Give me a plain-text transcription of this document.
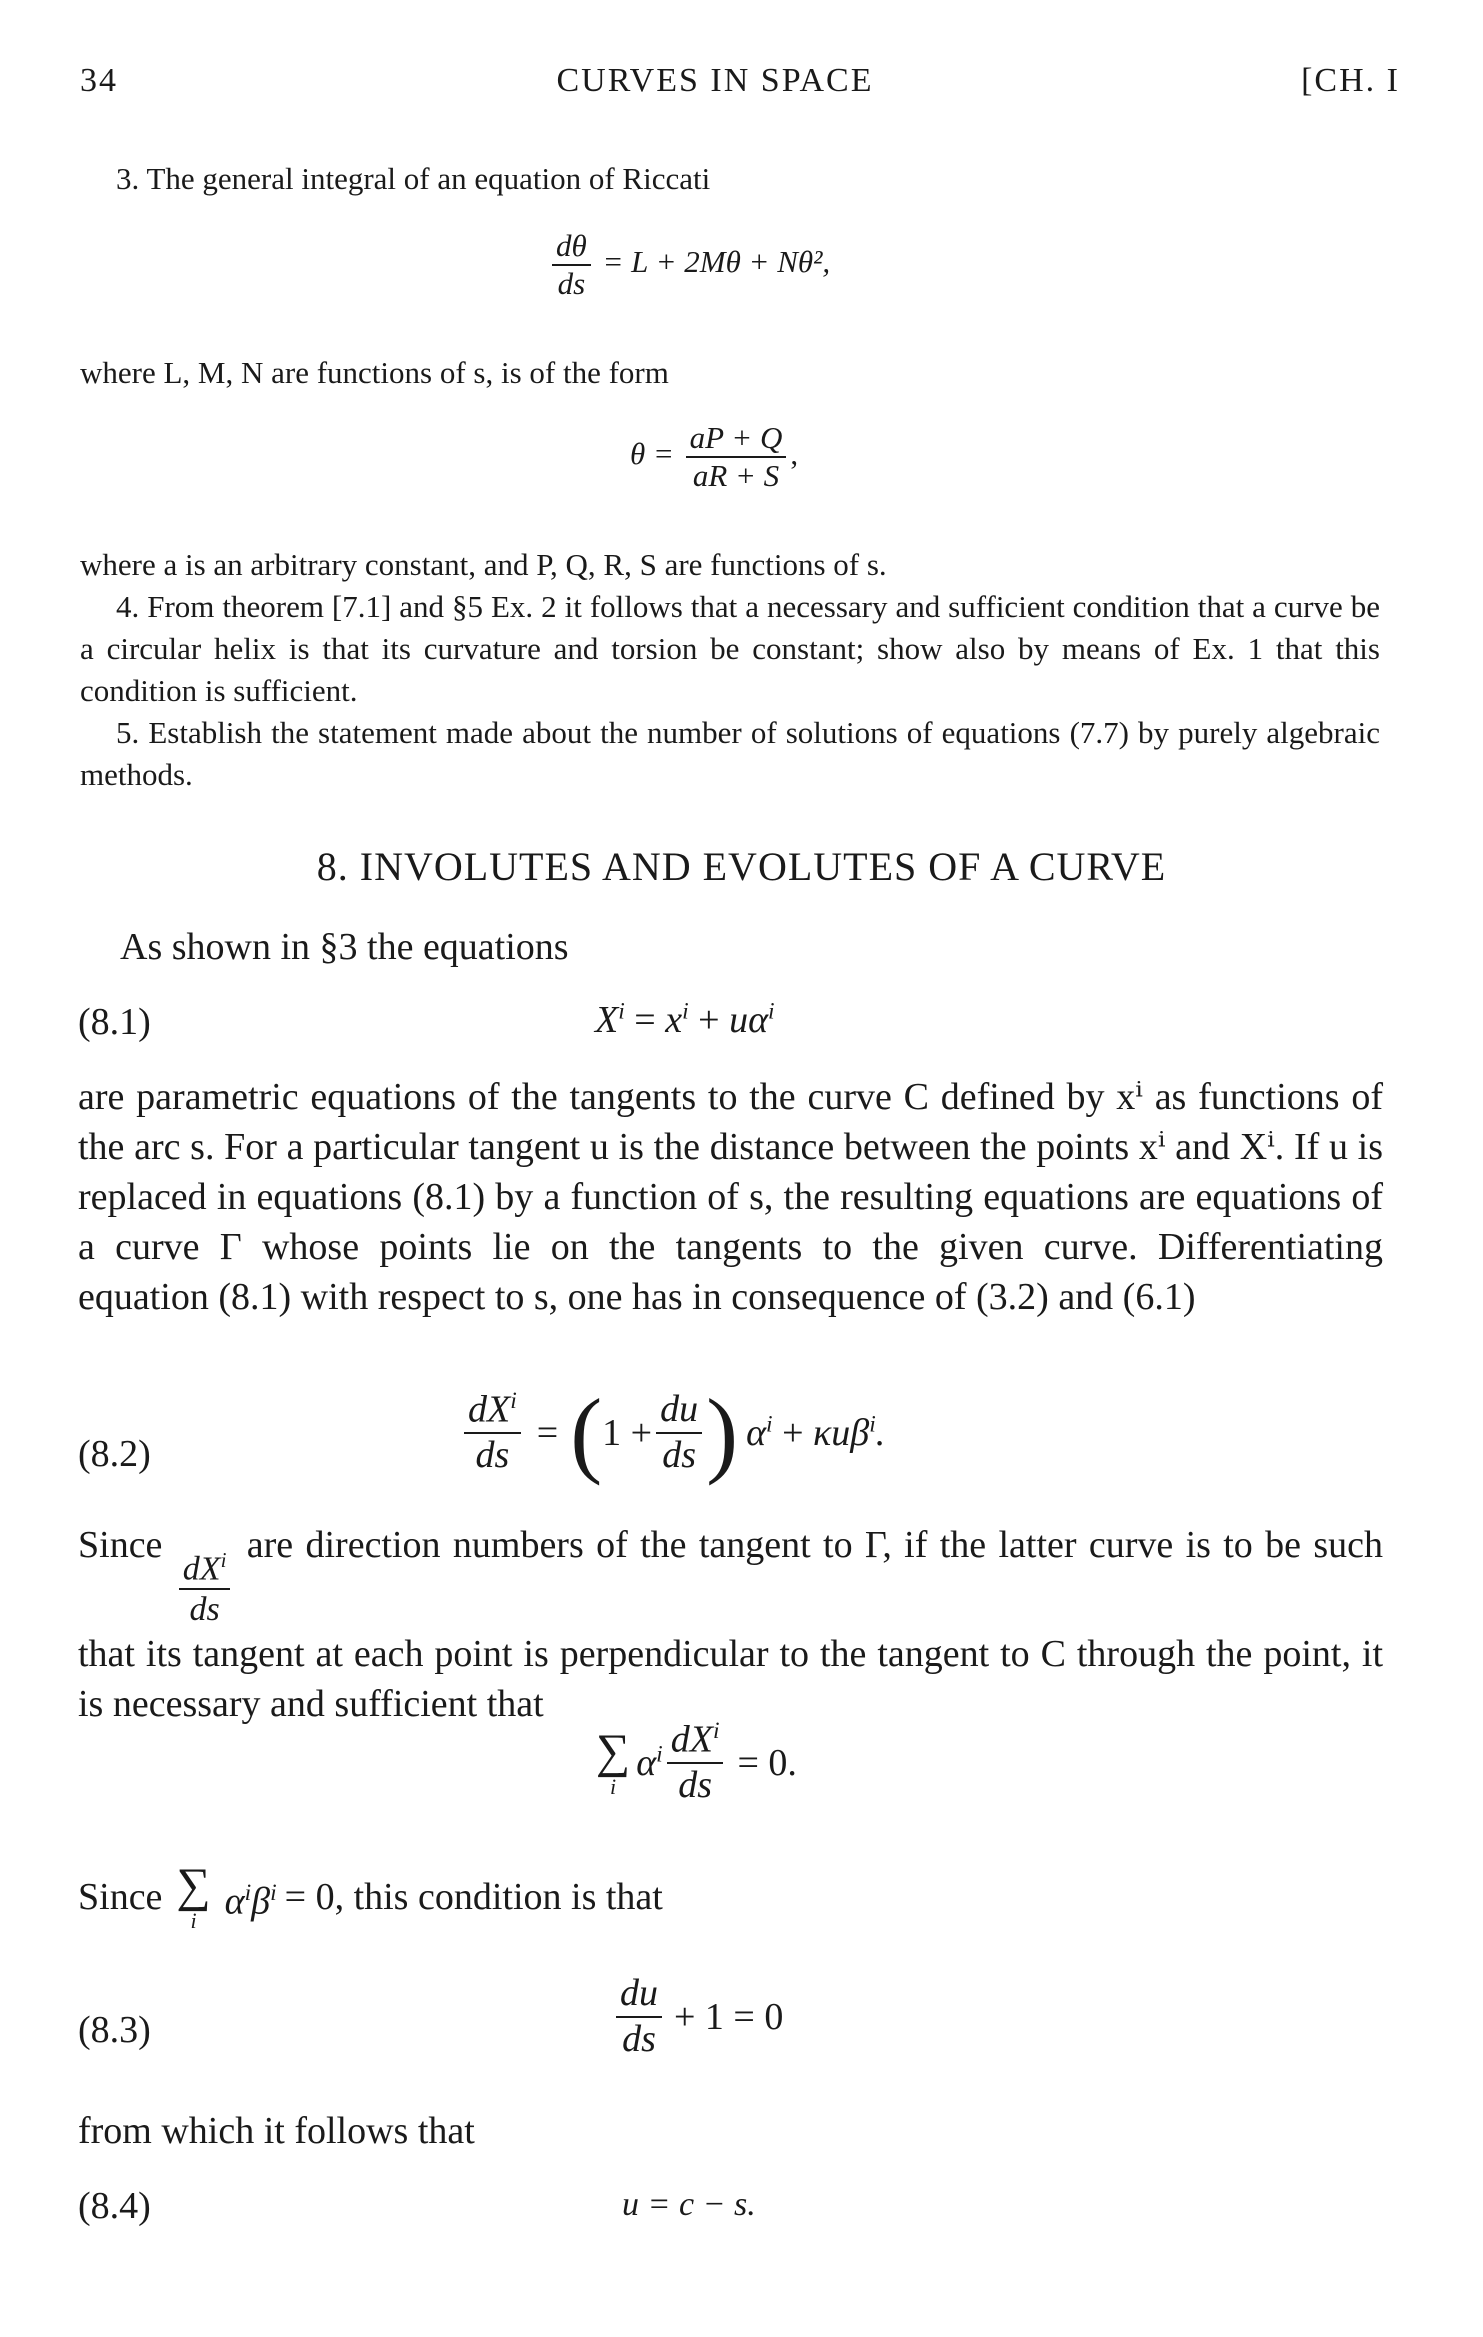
34	CURVES IN SPACE	[CH. I
3. The general integral of an equation of Riccati
$\frac{d\theta}{ds} = L + 2M\theta + N\theta^2$,
where L, M, N are functions of s, is of the form
$\theta = \frac{aP + Q}{aR + S}$ ,
where a is an arbitrary constant, and P, Q, R, S are functions of s.
4. From theorem [7.1] and §5 Ex. 2 it follows that a necessary and sufficient condition that a curve be a circular helix is that its curvature and torsion be constant; show also by means of Ex. 1 that this condition is sufficient.
5. Establish the statement made about the number of solutions of equations (7.7) by purely algebraic methods.
8. INVOLUTES AND EVOLUTES OF A CURVE
As shown in §3 the equations
(8.1)	$X^i = x^i + u\alpha^i$
are parametric equations of the tangents to the curve C defined by xⁱ as functions of the arc s. For a particular tangent u is the distance between the points xⁱ and Xⁱ. If u is replaced in equations (8.1) by a function of s, the resulting equations are equations of a curve Γ whose points lie on the tangents to the given curve. Differentiating equation (8.1) with respect to s, one has in consequence of (3.2) and (6.1)
(8.2)	$\frac{dX^i}{ds}$ = ( $1 + \frac{du}{ds}$ ) $\alpha^i + \kappa u\beta^i$.
Since
$\frac{dX^i}{ds}$
are direction numbers of the tangent to Γ, if the latter curve is to be such that its tangent at each point is perpendicular to the tangent to C through the point, it is necessary and sufficient that
∑
i
$\alpha^i \frac{dX^i}{ds} = 0$.
Since ∑
i $\alpha^i\beta^i = 0$, this condition is that
(8.3)	$\frac{du}{ds} + 1 = 0$
from which it follows that
(8.4)	u = c − s.
